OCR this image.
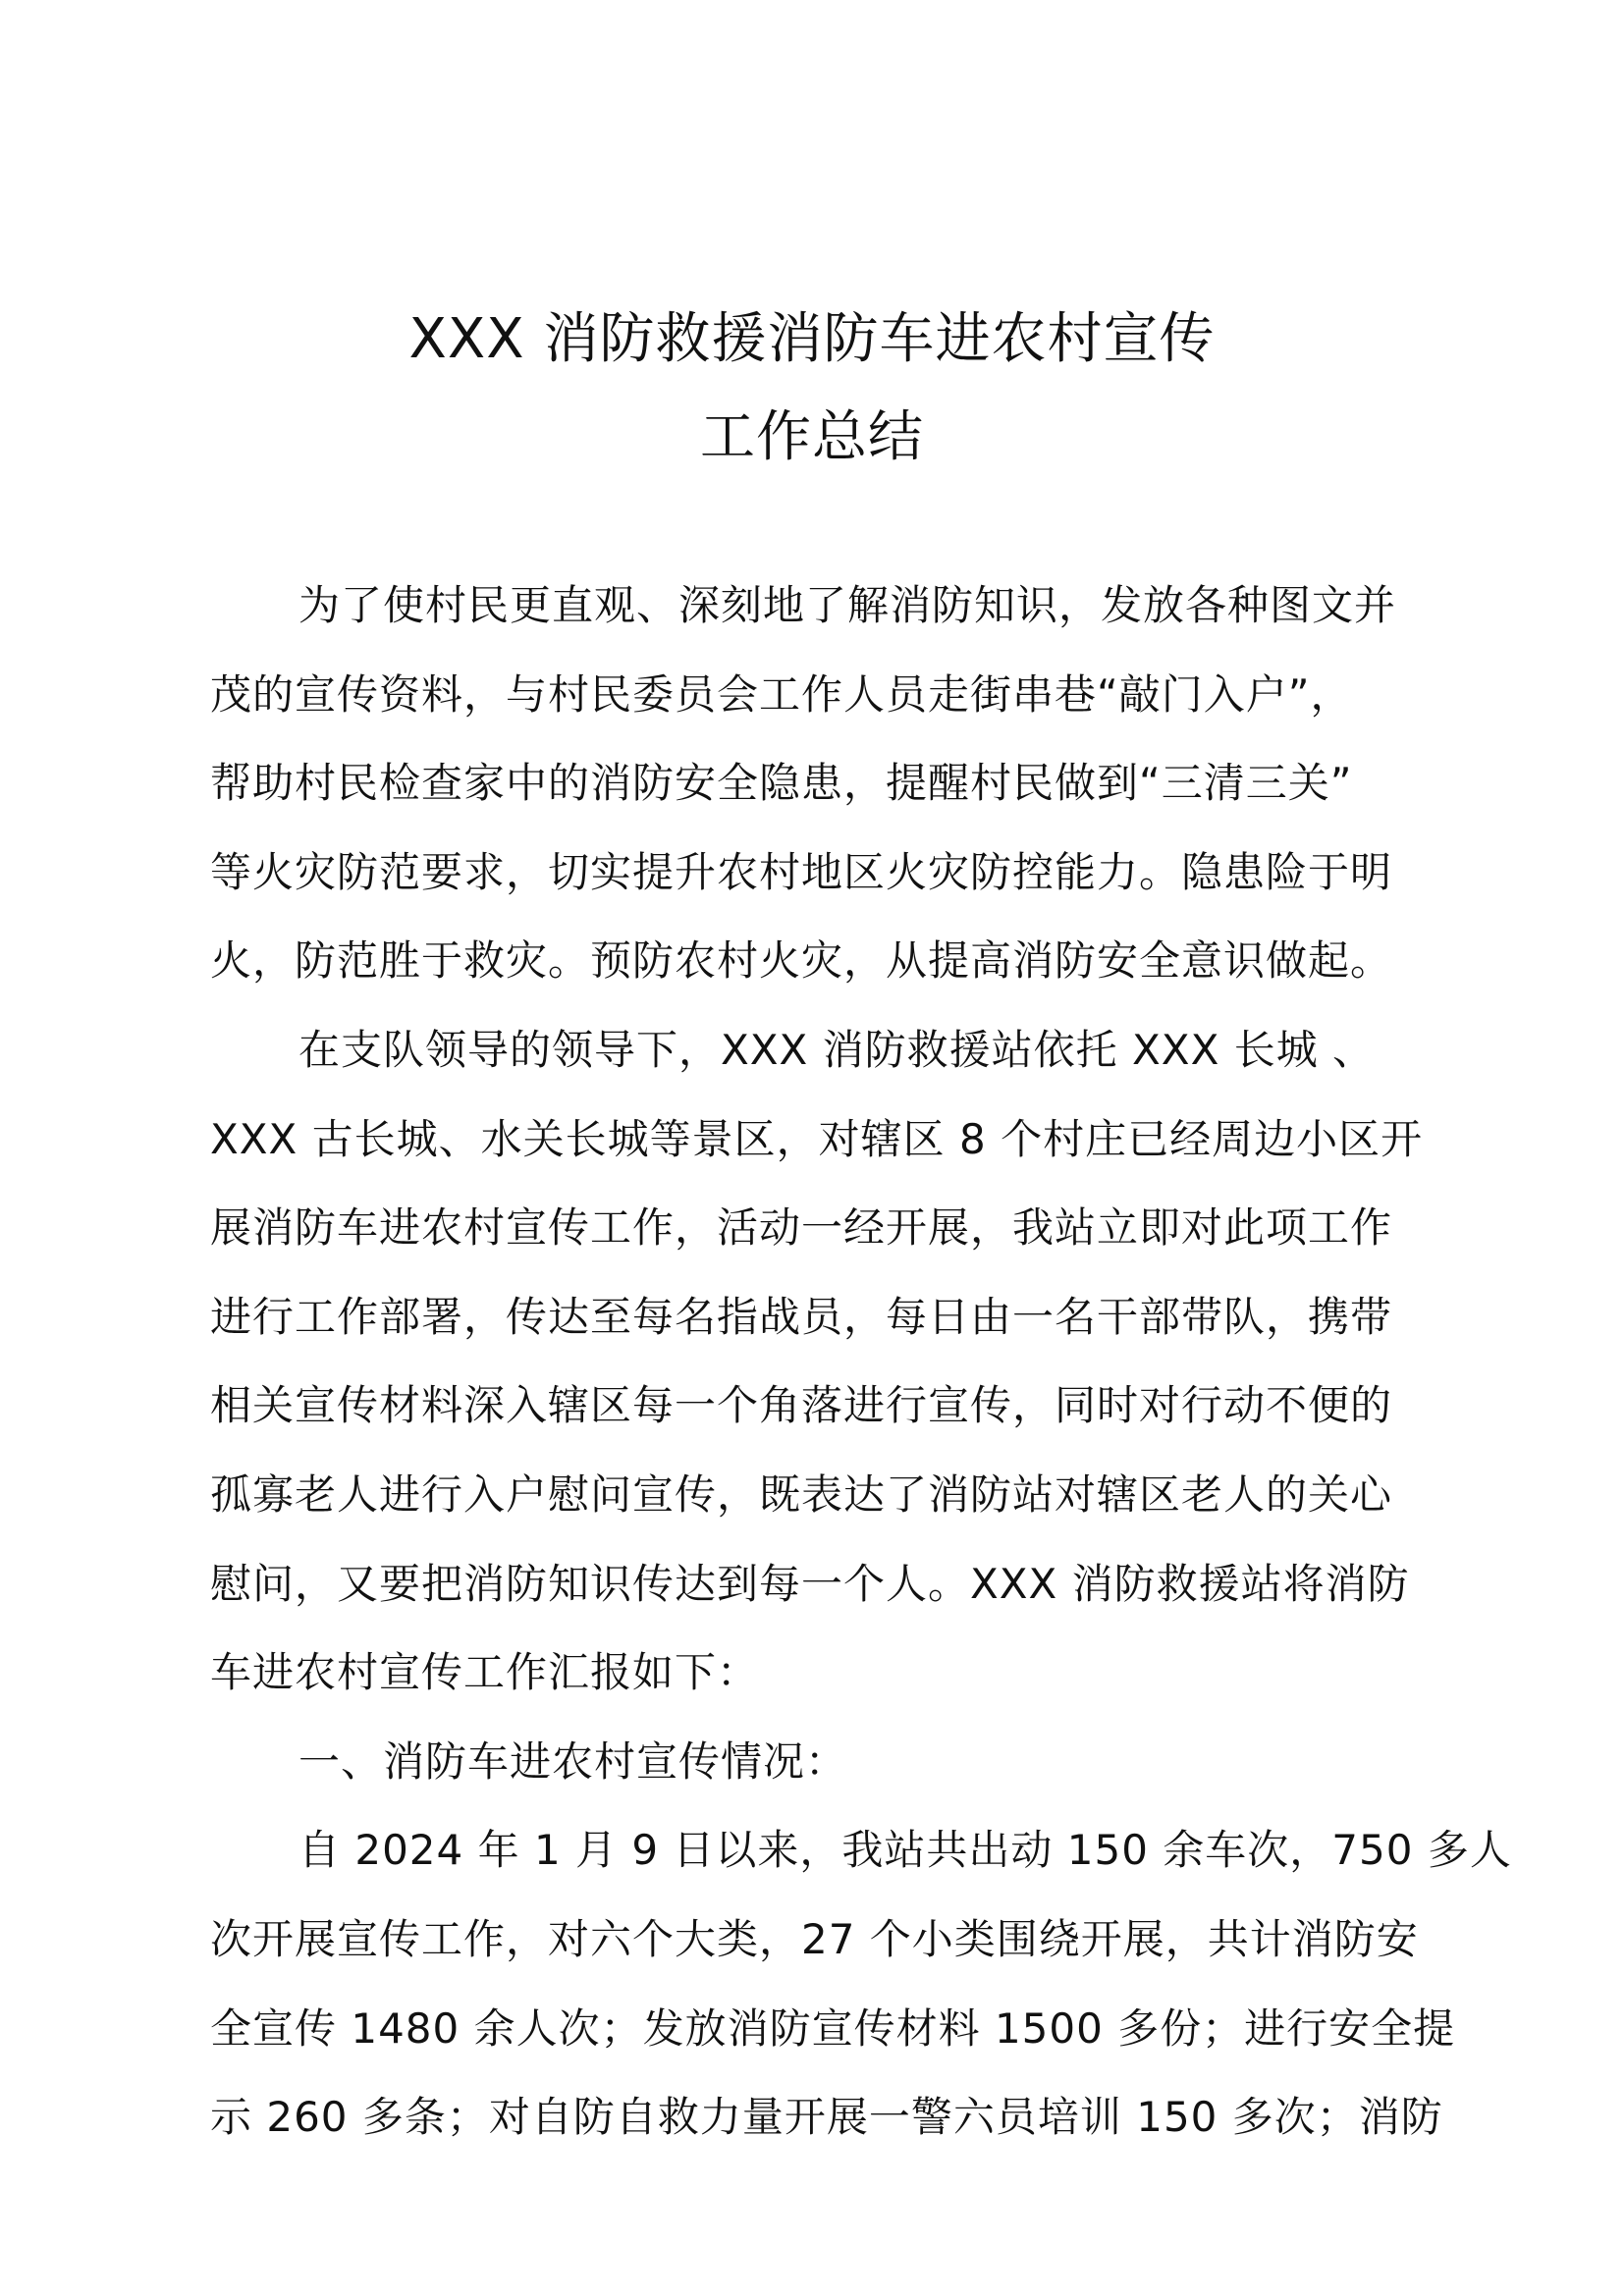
XXX 消防救援消防车进农村宣传
工作总结
为了使村民更直观、深刻地了解消防知识，发放各种图文并
茂的宣传资料，与村民委员会工作人员走街串巷“敲门入户”，
帮助村民检查家中的消防安全隐患，提醒村民做到“三清三关”
等火灾防范要求，切实提升农村地区火灾防控能力。隐患险于明
火，防范胜于救灾。预防农村火灾，从提高消防安全意识做起。
在支队领导的领导下，XXX 消防救援站依托 XXX 长城 、
XXX 古长城、水关长城等景区，对辖区 8 个村庄已经周边小区开
展消防车进农村宣传工作，活动一经开展，我站立即对此项工作
进行工作部署，传达至每名指战员，每日由一名干部带队，携带
相关宣传材料深入辖区每一个角落进行宣传，同时对行动不便的
孤寡老人进行入户慰问宣传，既表达了消防站对辖区老人的关心
慰问，又要把消防知识传达到每一个人。XXX 消防救援站将消防
车进农村宣传工作汇报如下：
一、消防车进农村宣传情况：
自 2024 年 1 月 9 日以来，我站共出动 150 余车次，750 多人
次开展宣传工作，对六个大类，27 个小类围绕开展，共计消防安
全宣传 1480 余人次；发放消防宣传材料 1500 多份；进行安全提
示 260 多条；对自防自救力量开展一警六员培训 150 多次；消防
